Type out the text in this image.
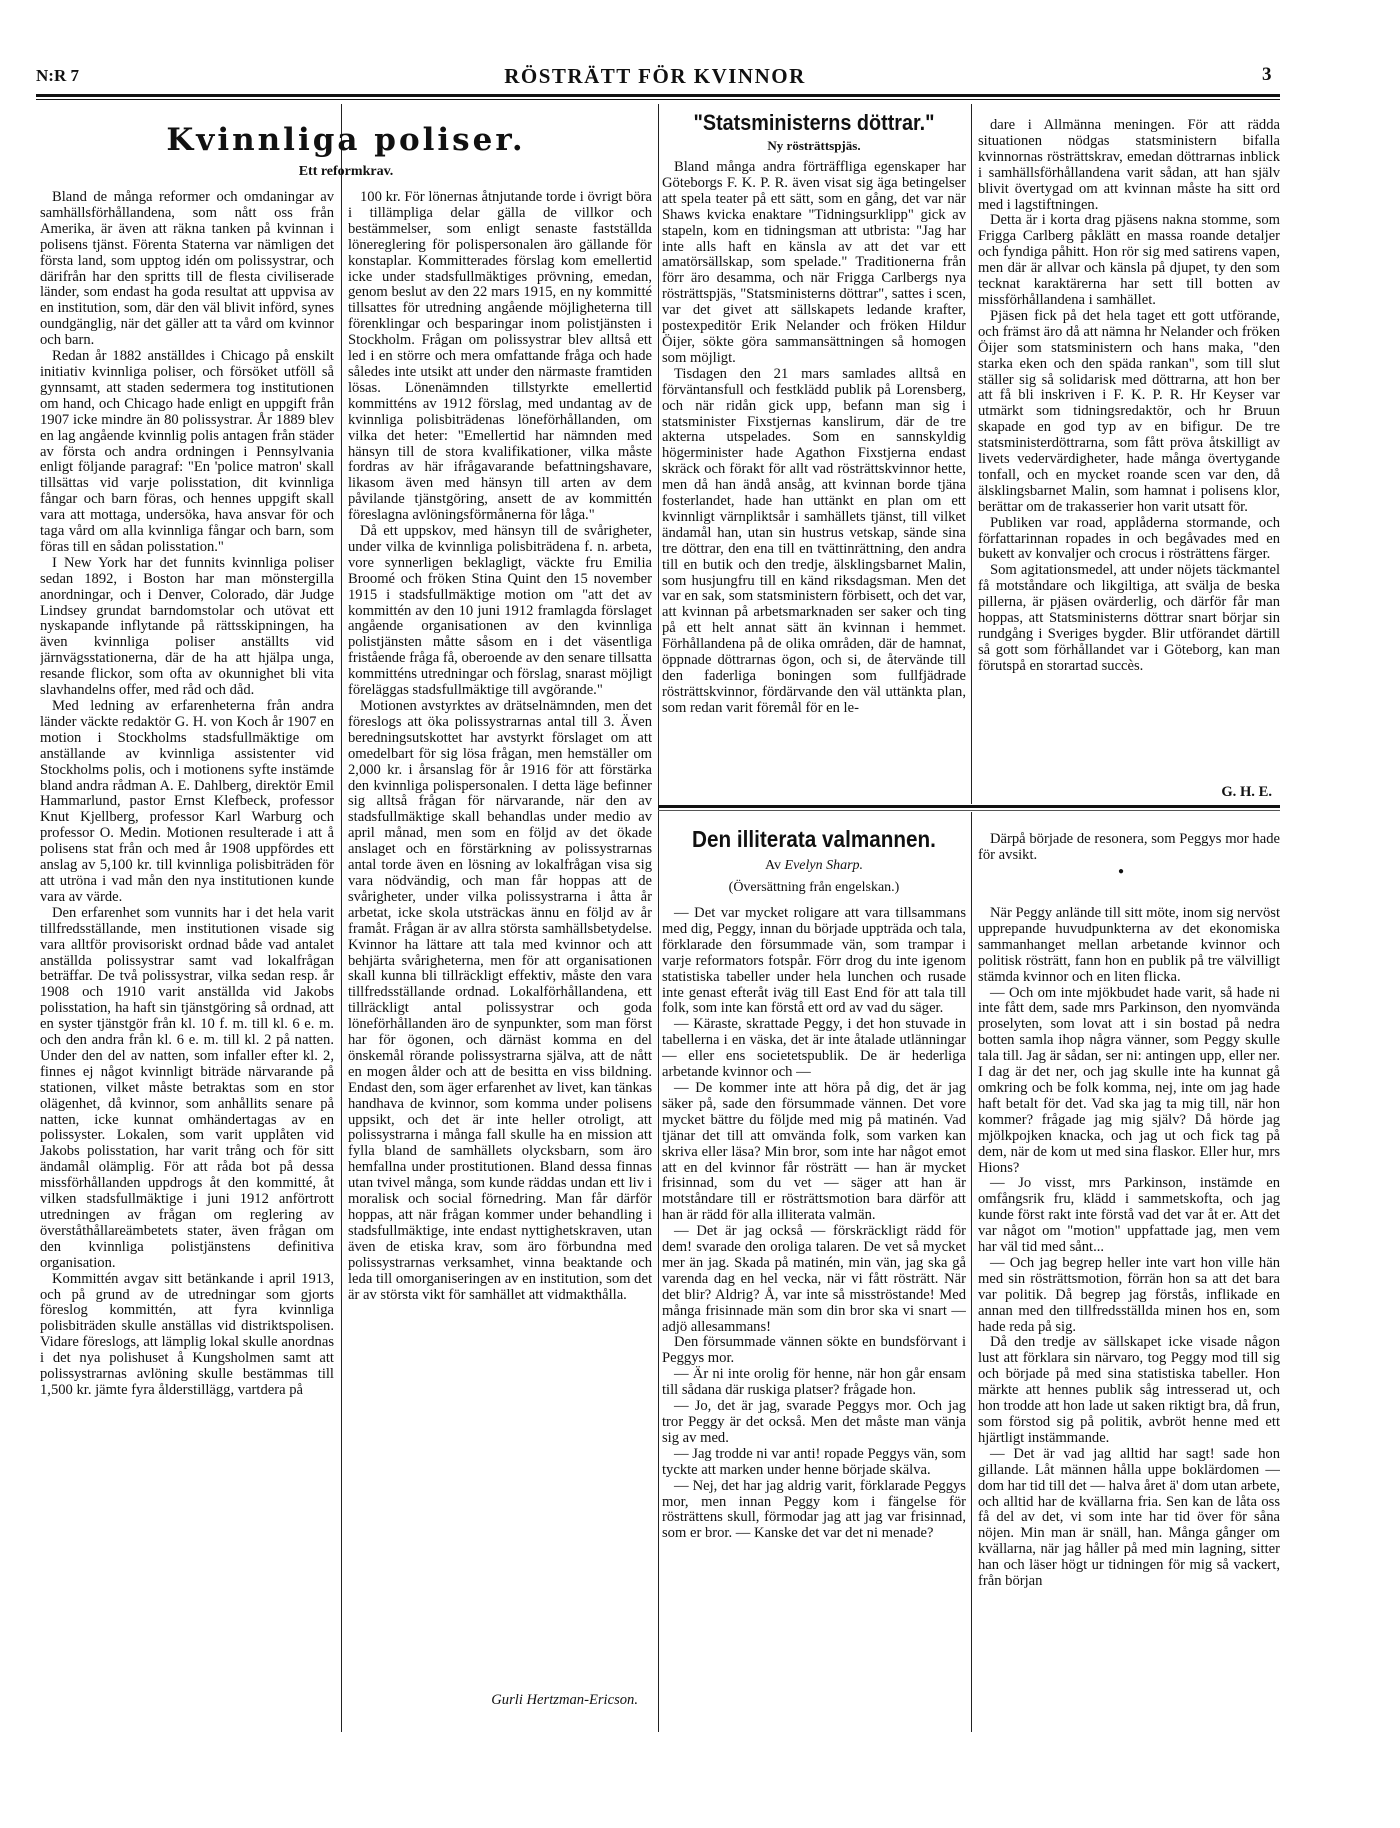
N:R 7	RÖSTRÄTT FÖR KVINNOR	3
Kvinnliga poliser.
Ett reformkrav.

Bland de många reformer och omdaningar av samhällsförhållandena, som nått oss från Amerika, är även att räkna tanken på kvinnan i polisens tjänst. Förenta Staterna var nämligen det första land, som upptog idén om polissystrar, och därifrån har den spritts till de flesta civiliserade länder, som endast ha goda resultat att uppvisa av en institution, som, där den väl blivit införd, synes oundgänglig, när det gäller att ta vård om kvinnor och barn.

Redan år 1882 anställdes i Chicago på enskilt initiativ kvinnliga poliser, och försöket utföll så gynnsamt, att staden sedermera tog institutionen om hand, och Chicago hade enligt en uppgift från 1907 icke mindre än 80 polissystrar. År 1889 blev en lag angående kvinnlig polis antagen från städer av första och andra ordningen i Pennsylvania enligt följande paragraf: "En 'police matron' skall tillsättas vid varje polisstation, dit kvinnliga fångar och barn föras, och hennes uppgift skall vara att mottaga, undersöka, hava ansvar för och taga vård om alla kvinnliga fångar och barn, som föras till en sådan polisstation."

I New York har det funnits kvinnliga poliser sedan 1892, i Boston har man mönstergilla anordningar, och i Denver, Colorado, där Judge Lindsey grundat barndomstolar och utövat ett nyskapande inflytande på rättsskipningen, ha även kvinnliga poliser anställts vid järnvägsstationerna, där de ha att hjälpa unga, resande flickor, som ofta av okunnighet bli vita slavhandelns offer, med råd och dåd.

Med ledning av erfarenheterna från andra länder väckte redaktör G. H. von Koch år 1907 en motion i Stockholms stadsfullmäktige om anställande av kvinnliga assistenter vid Stockholms polis, och i motionens syfte instämde bland andra rådman A. E. Dahlberg, direktör Emil Hammarlund, pastor Ernst Klefbeck, professor Knut Kjellberg, professor Karl Warburg och professor O. Medin. Motionen resulterade i att å polisens stat från och med år 1908 uppfördes ett anslag av 5,100 kr. till kvinnliga polisbiträden för att utröna i vad mån den nya institutionen kunde vara av värde.

Den erfarenhet som vunnits har i det hela varit tillfredsställande, men institutionen visade sig vara alltför provisoriskt ordnad både vad antalet anställda polissystrar samt vad lokalfrågan beträffar. De två polissystrar, vilka sedan resp. år 1908 och 1910 varit anställda vid Jakobs polisstation, ha haft sin tjänstgöring så ordnad, att en syster tjänstgör från kl. 10 f. m. till kl. 6 e. m. och den andra från kl. 6 e. m. till kl. 2 på natten. Under den del av natten, som infaller efter kl. 2, finnes ej något kvinnligt biträde närvarande på stationen, vilket måste betraktas som en stor olägenhet, då kvinnor, som anhållits senare på natten, icke kunnat omhändertagas av en polissyster. Lokalen, som varit upplåten vid Jakobs polisstation, har varit trång och för sitt ändamål olämplig. För att råda bot på dessa missförhållanden uppdrogs åt den kommitté, åt vilken stadsfullmäktige i juni 1912 anförtrott utredningen av frågan om reglering av överståthållareämbetets stater, även frågan om den kvinnliga polistjänstens definitiva organisation.

Kommittén avgav sitt betänkande i april 1913, och på grund av de utredningar som gjorts föreslog kommittén, att fyra kvinnliga polisbiträden skulle anställas vid distriktspolisen. Vidare föreslogs, att lämplig lokal skulle anordnas i det nya polishuset å Kungsholmen samt att polissystrarnas avlöning skulle bestämmas till 1,500 kr. jämte fyra ålderstillägg, vartdera på

100 kr. För lönernas åtnjutande torde i övrigt böra i tillämpliga delar gälla de villkor och bestämmelser, som enligt senaste fastställda lönereglering för polispersonalen äro gällande för konstaplar. Kommitterades förslag kom emellertid icke under stadsfullmäktiges prövning, emedan, genom beslut av den 22 mars 1915, en ny kommitté tillsattes för utredning angående möjligheterna till förenklingar och besparingar inom polistjänsten i Stockholm. Frågan om polissystrar blev alltså ett led i en större och mera omfattande fråga och hade således inte utsikt att under den närmaste framtiden lösas. Lönenämnden tillstyrkte emellertid kommitténs av 1912 förslag, med undantag av de kvinnliga polisbiträdenas löneförhållanden, om vilka det heter: "Emellertid har nämnden med hänsyn till de stora kvalifikationer, vilka måste fordras av här ifrågavarande befattningshavare, likasom även med hänsyn till arten av dem påvilande tjänstgöring, ansett de av kommittén föreslagna avlöningsförmånerna för låga."

Då ett uppskov, med hänsyn till de svårigheter, under vilka de kvinnliga polisbiträdena f. n. arbeta, vore synnerligen beklagligt, väckte fru Emilia Broomé och fröken Stina Quint den 15 november 1915 i stadsfullmäktige motion om "att det av kommittén av den 10 juni 1912 framlagda förslaget angående organisationen av den kvinnliga polistjänsten måtte såsom en i det väsentliga fristående fråga få, oberoende av den senare tillsatta kommitténs utredningar och förslag, snarast möjligt föreläggas stadsfullmäktige till avgörande."

Motionen avstyrktes av drätselnämnden, men det föreslogs att öka polissystrarnas antal till 3. Även beredningsutskottet har avstyrkt förslaget om att omedelbart för sig lösa frågan, men hemställer om 2,000 kr. i årsanslag för år 1916 för att förstärka den kvinnliga polispersonalen. I detta läge befinner sig alltså frågan för närvarande, när den av stadsfullmäktige skall behandlas under medio av april månad, men som en följd av det ökade anslaget och en förstärkning av polissystrarnas antal torde även en lösning av lokalfrågan visa sig vara nödvändig, och man får hoppas att de svårigheter, under vilka polissystrarna i åtta år arbetat, icke skola utsträckas ännu en följd av år framåt. Frågan är av allra största samhällsbetydelse. Kvinnor ha lättare att tala med kvinnor och att behjärta svårigheterna, men för att organisationen skall kunna bli tillräckligt effektiv, måste den vara tillfredsställande ordnad. Lokalförhållandena, ett tillräckligt antal polissystrar och goda löneförhållanden äro de synpunkter, som man först har för ögonen, och därnäst komma en del önskemål rörande polissystrarna själva, att de nått en mogen ålder och att de besitta en viss bildning. Endast den, som äger erfarenhet av livet, kan tänkas handhava de kvinnor, som komma under polisens uppsikt, och det är inte heller otroligt, att polissystrarna i många fall skulle ha en mission att fylla bland de samhällets olycksbarn, som äro hemfallna under prostitutionen. Bland dessa finnas utan tvivel många, som kunde räddas undan ett liv i moralisk och social förnedring. Man får därför hoppas, att när frågan kommer under behandling i stadsfullmäktige, inte endast nyttighetskraven, utan även de etiska krav, som äro förbundna med polissystrarnas verksamhet, vinna beaktande och leda till omorganiseringen av en institution, som det är av största vikt för samhället att vidmakthålla.

Gurli Hertzman-Ericson.
"Statsministerns döttrar."
Ny rösträttspjäs.

Bland många andra förträffliga egenskaper har Göteborgs F. K. P. R. även visat sig äga betingelser att spela teater på ett sätt, som en gång, det var när Shaws kvicka enaktare "Tidningsurklipp" gick av stapeln, kom en tidningsman att utbrista: "Jag har inte alls haft en känsla av att det var ett amatörsällskap, som spelade." Traditionerna från förr äro desamma, och när Frigga Carlbergs nya rösträttspjäs, "Statsministerns döttrar", sattes i scen, var det givet att sällskapets ledande krafter, postexpeditör Erik Nelander och fröken Hildur Öijer, sökte göra sammansättningen så homogen som möjligt.

Tisdagen den 21 mars samlades alltså en förväntansfull och festklädd publik på Lorensberg, och när ridån gick upp, befann man sig i statsminister Fixstjernas kanslirum, där de tre akterna utspelades. Som en sannskyldig högerminister hade Agathon Fixstjerna endast skräck och förakt för allt vad rösträttskvinnor hette, men då han ändå ansåg, att kvinnan borde tjäna fosterlandet, hade han uttänkt en plan om ett kvinnligt värnpliktsår i samhällets tjänst, till vilket ändamål han, utan sin hustrus vetskap, sände sina tre döttrar, den ena till en tvättinrättning, den andra till en butik och den tredje, älsklingsbarnet Malin, som husjungfru till en känd riksdagsman. Men det var en sak, som statsministern förbisett, och det var, att kvinnan på arbetsmarknaden ser saker och ting på ett helt annat sätt än kvinnan i hemmet. Förhållandena på de olika områden, där de hamnat, öppnade döttrarnas ögon, och si, de återvände till den faderliga boningen som fullfjädrade rösträttskvinnor, fördärvande den väl uttänkta plan, som redan varit föremål för en le-

dare i Allmänna meningen. För att rädda situationen nödgas statsministern bifalla kvinnornas rösträttskrav, emedan döttrarnas inblick i samhällsförhållandena varit sådan, att han själv blivit övertygad om att kvinnan måste ha sitt ord med i lagstiftningen.

Detta är i korta drag pjäsens nakna stomme, som Frigga Carlberg påklätt en massa roande detaljer och fyndiga påhitt. Hon rör sig med satirens vapen, men där är allvar och känsla på djupet, ty den som tecknat karaktärerna har sett till botten av missförhållandena i samhället.

Pjäsen fick på det hela taget ett gott utförande, och främst äro då att nämna hr Nelander och fröken Öijer som statsministern och hans maka, "den starka eken och den späda rankan", som till slut ställer sig så solidarisk med döttrarna, att hon ber att få bli inskriven i F. K. P. R. Hr Keyser var utmärkt som tidningsredaktör, och hr Bruun skapade en god typ av en bifigur. De tre statsministerdöttrarna, som fått pröva åtskilligt av livets vedervärdigheter, hade många övertygande tonfall, och en mycket roande scen var den, då älsklingsbarnet Malin, som hamnat i polisens klor, berättar om de trakasserier hon varit utsatt för.

Publiken var road, applåderna stormande, och författarinnan ropades in och begåvades med en bukett av konvaljer och crocus i rösträttens färger.

Som agitationsmedel, att under nöjets täckmantel få motståndare och likgiltiga, att svälja de beska pillerna, är pjäsen ovärderlig, och därför får man hoppas, att Statsministerns döttrar snart börjar sin rundgång i Sveriges bygder. Blir utförandet därtill så gott som förhållandet var i Göteborg, kan man förutspå en storartad succès.

G. H. E.
Den illiterata valmannen.
Av Evelyn Sharp.
(Översättning från engelskan.)

— Det var mycket roligare att vara tillsammans med dig, Peggy, innan du började uppträda och tala, förklarade den försummade vän, som trampar i varje reformators fotspår. Förr drog du inte igenom statistiska tabeller under hela lunchen och rusade inte genast efteråt iväg till East End för att tala till folk, som inte kan förstå ett ord av vad du säger.

— Käraste, skrattade Peggy, i det hon stuvade in tabellerna i en väska, det är inte åtalade utlänningar — eller ens societetspublik. De är hederliga arbetande kvinnor och —

— De kommer inte att höra på dig, det är jag säker på, sade den försummade vännen. Det vore mycket bättre du följde med mig på matinén. Vad tjänar det till att omvända folk, som varken kan skriva eller läsa? Min bror, som inte har något emot att en del kvinnor får rösträtt — han är mycket frisinnad, som du vet — säger att han är motståndare till er rösträttsmotion bara därför att han är rädd för alla illiterata valmän.

— Det är jag också — förskräckligt rädd för dem! svarade den oroliga talaren. De vet så mycket mer än jag. Skada på matinén, min vän, jag ska gå varenda dag en hel vecka, när vi fått rösträtt. När det blir? Aldrig? Å, var inte så misströstande! Med många frisinnade män som din bror ska vi snart — adjö allesammans!

Den försummade vännen sökte en bundsförvant i Peggys mor.

— Är ni inte orolig för henne, när hon går ensam till sådana där ruskiga platser? frågade hon.

— Jo, det är jag, svarade Peggys mor. Och jag tror Peggy är det också. Men det måste man vänja sig av med.

— Jag trodde ni var anti! ropade Peggys vän, som tyckte att marken under henne började skälva.

— Nej, det har jag aldrig varit, förklarade Peggys mor, men innan Peggy kom i fängelse för rösträttens skull, förmodar jag att jag var frisinnad, som er bror. — Kanske det var det ni menade?

Därpå började de resonera, som Peggys mor hade för avsikt.

●

När Peggy anlände till sitt möte, inom sig nervöst upprepande huvudpunkterna av det ekonomiska sammanhanget mellan arbetande kvinnor och politisk rösträtt, fann hon en publik på tre välvilligt stämda kvinnor och en liten flicka.

— Och om inte mjökbudet hade varit, så hade ni inte fått dem, sade mrs Parkinson, den nyomvända proselyten, som lovat att i sin bostad på nedra botten samla ihop några vänner, som Peggy skulle tala till. Jag är sådan, ser ni: antingen upp, eller ner. I dag är det ner, och jag skulle inte ha kunnat gå omkring och be folk komma, nej, inte om jag hade haft betalt för det. Vad ska jag ta mig till, när hon kommer? frågade jag mig själv? Då hörde jag mjölkpojken knacka, och jag ut och fick tag på dem, när de kom ut med sina flaskor. Eller hur, mrs Hions?

— Jo visst, mrs Parkinson, instämde en omfångsrik fru, klädd i sammetskofta, och jag kunde först rakt inte förstå vad det var åt er. Att det var något om "motion" uppfattade jag, men vem har väl tid med sånt...

— Och jag begrep heller inte vart hon ville hän med sin rösträttsmotion, förrän hon sa att det bara var politik. Då begrep jag förstås, inflikade en annan med den tillfredsställda minen hos en, som hade reda på sig.

Då den tredje av sällskapet icke visade någon lust att förklara sin närvaro, tog Peggy mod till sig och började på med sina statistiska tabeller. Hon märkte att hennes publik såg intresserad ut, och hon trodde att hon lade ut saken riktigt bra, då frun, som förstod sig på politik, avbröt henne med ett hjärtligt instämmande.

— Det är vad jag alltid har sagt! sade hon gillande. Låt männen hålla uppe boklärdomen — dom har tid till det — halva året ä' dom utan arbete, och alltid har de kvällarna fria. Sen kan de låta oss få del av det, vi som inte har tid över för såna nöjen. Min man är snäll, han. Många gånger om kvällarna, när jag håller på med min lagning, sitter han och läser högt ur tidningen för mig så vackert, från början
